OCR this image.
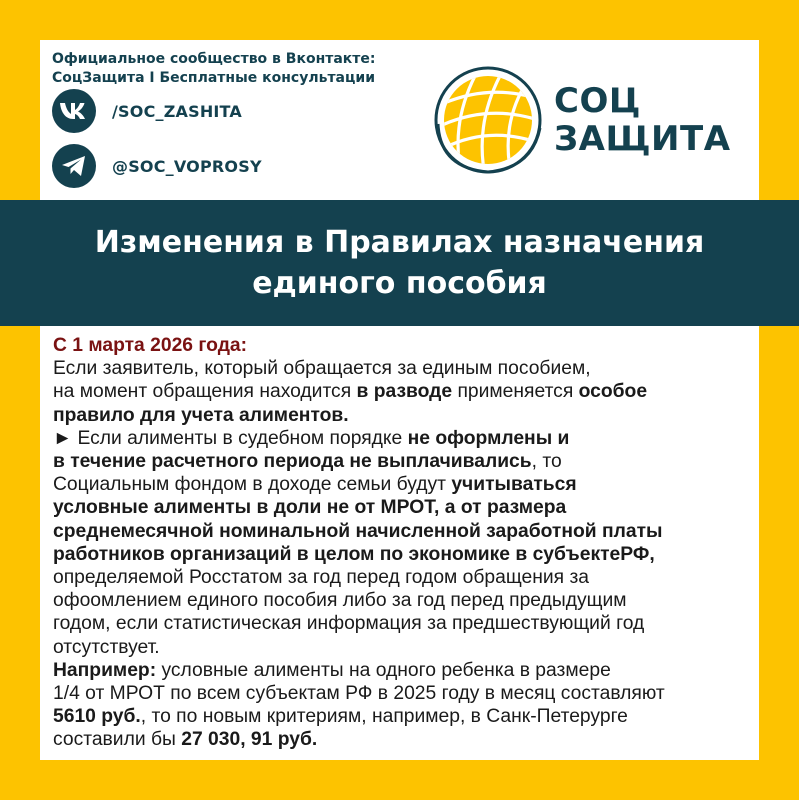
Официальное сообщество в Вконтакте:
СоцЗащита I Бесплатные консультации
/SOC_ZASHITA
@SOC_VOPROSY
СОЦ
ЗАЩИТА
Изменения в Правилах назначения
единого пособия
С 1 марта 2026 года:
Если заявитель, который обращается за единым пособием,
на момент обращения находится в разводе применяется особое
правило для учета алиментов.
► Если алименты в судебном порядке не оформлены и
в течение расчетного периода не выплачивались, то
Социальным фондом в доходе семьи будут учитываться
условные алименты в доли не от МРОТ, а от размера
среднемесячной номинальной начисленной заработной платы
работников организаций в целом по экономике в субъектеРФ,
определяемой Росстатом за год перед годом обращения за
офоомлением единого пособия либо за год перед предыдущим
годом, если статистическая информация за предшествующий год
отсутствует.
Например: условные алименты на одного ребенка в размере
1/4 от МРОТ по всем субъектам РФ в 2025 году в месяц составляют
5610 руб., то по новым критериям, например, в Санк-Петерурге
составили бы 27 030, 91 руб.
